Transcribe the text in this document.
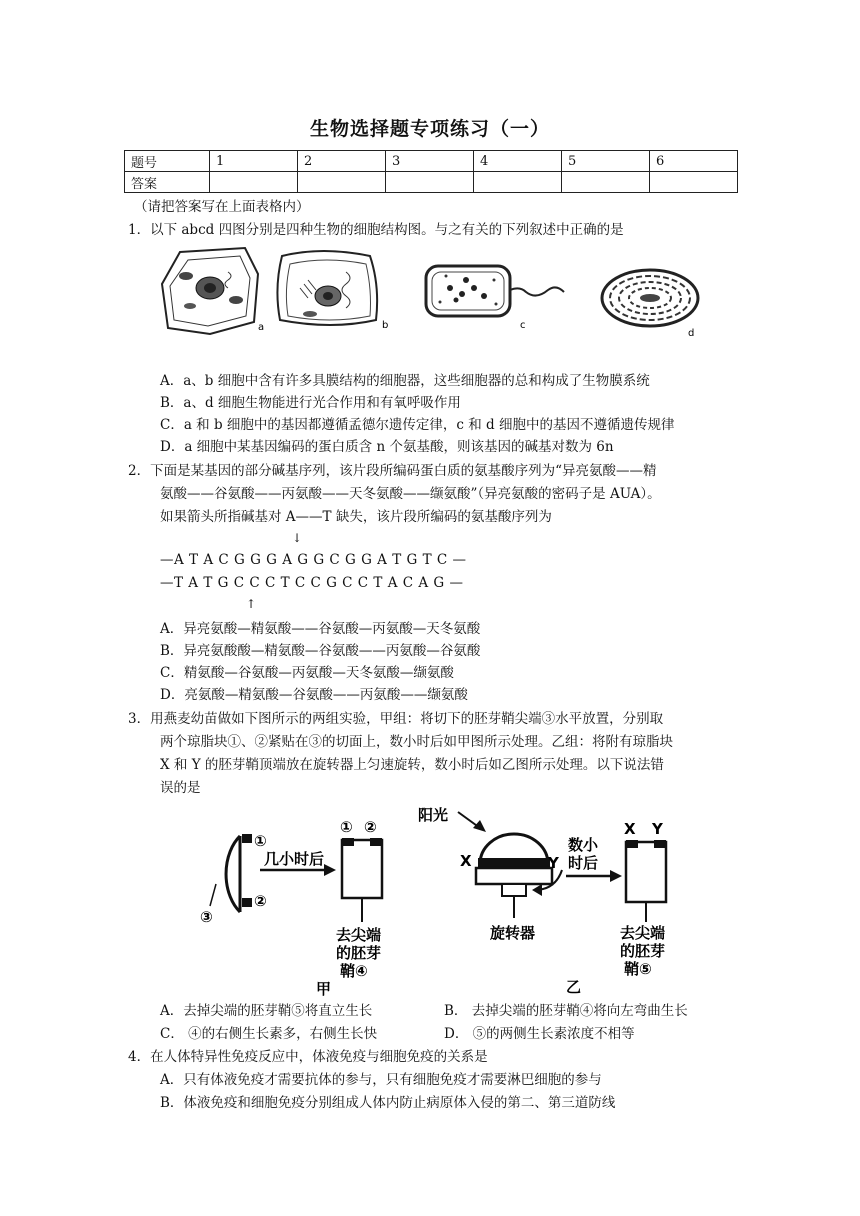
生物选择题专项练习（一）
题号	1	2	3	4	5	6
答案						
（请把答案写在上面表格内）
1．以下 abcd 四图分别是四种生物的细胞结构图。与之有关的下列叙述中正确的是
a	b	c
d
A．a、b 细胞中含有许多具膜结构的细胞器，这些细胞器的总和构成了生物膜系统
B．a、d 细胞生物能进行光合作用和有氧呼吸作用
C．a 和 b 细胞中的基因都遵循孟德尔遗传定律，c 和 d 细胞中的基因不遵循遗传规律
D．a 细胞中某基因编码的蛋白质含 n 个氨基酸，则该基因的碱基对数为 6n
2．下面是某基因的部分碱基序列，该片段所编码蛋白质的氨基酸序列为“异亮氨酸——精
氨酸——谷氨酸——丙氨酸——天冬氨酸——缬氨酸”（异亮氨酸的密码子是 AUA）。
如果箭头所指碱基对 A——T 缺失，该片段所编码的氨基酸序列为
↓
—A T A C G G G A G G C G G A T G T C —
—T A T G C C C T C C G C C T A C A G —
↑
A．异亮氨酸—精氨酸——谷氨酸—丙氨酸—天冬氨酸
B．异亮氨酸酸—精氨酸—谷氨酸——丙氨酸—谷氨酸
C．精氨酸—谷氨酸—丙氨酸—天冬氨酸—缬氨酸
D．亮氨酸—精氨酸—谷氨酸——丙氨酸——缬氨酸
3．用燕麦幼苗做如下图所示的两组实验，甲组：将切下的胚芽鞘尖端③水平放置，分别取
两个琼脂块①、②紧贴在③的切面上，数小时后如甲图所示处理。乙组：将附有琼脂块
X 和 Y 的胚芽鞘顶端放在旋转器上匀速旋转，数小时后如乙图所示处理。以下说法错
误的是
①
②
③
几小时后
① ②
去尖端
的胚芽
鞘④
甲
阳光
X	Y
旋转器
数小
时后
X Y
去尖端
的胚芽
鞘⑤
乙
A．去掉尖端的胚芽鞘⑤将直立生长	B． 去掉尖端的胚芽鞘④将向左弯曲生长
C． ④的右侧生长素多，右侧生长快	D． ⑤的两侧生长素浓度不相等
4．在人体特异性免疫反应中，体液免疫与细胞免疫的关系是
A．只有体液免疫才需要抗体的参与，只有细胞免疫才需要淋巴细胞的参与
B．体液免疫和细胞免疫分别组成人体内防止病原体入侵的第二、第三道防线
